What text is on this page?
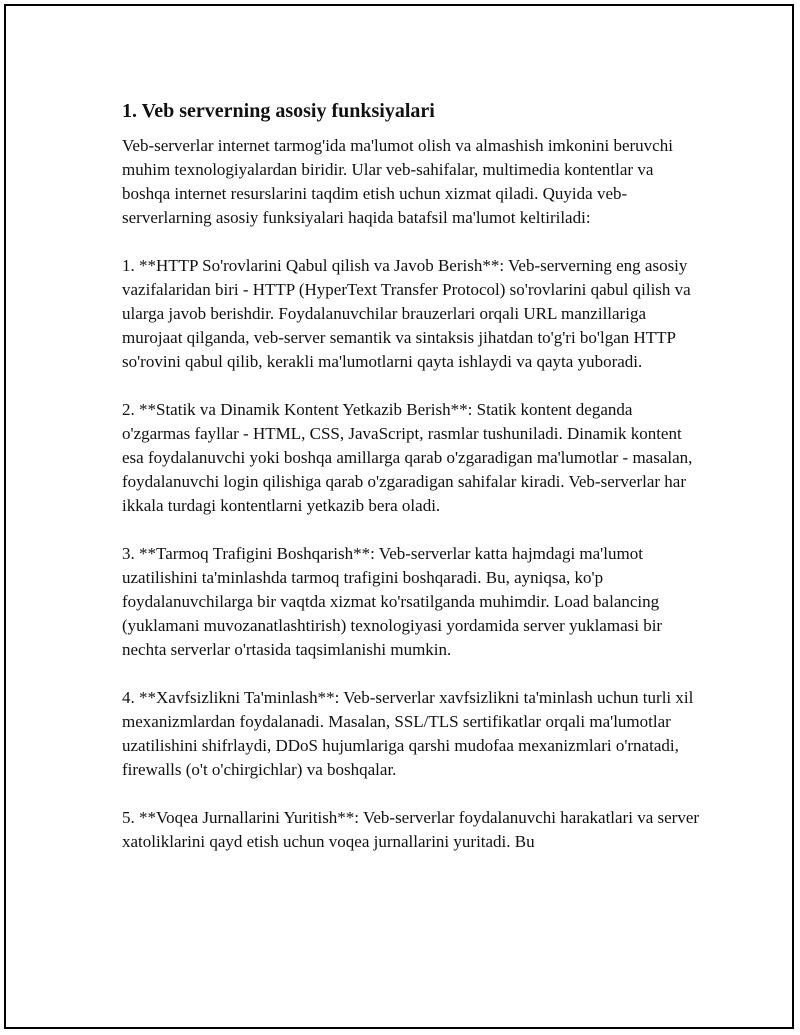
1. Veb serverning asosiy funksiyalari

Veb-serverlar internet tarmog'ida ma'lumot olish va almashish imkonini beruvchi muhim texnologiyalardan biridir. Ular veb-sahifalar, multimedia kontentlar va boshqa internet resurslarini taqdim etish uchun xizmat qiladi. Quyida veb-serverlarning asosiy funksiyalari haqida batafsil ma'lumot keltiriladi:

1. **HTTP So'rovlarini Qabul qilish va Javob Berish**: Veb-serverning eng asosiy vazifalaridan biri - HTTP (HyperText Transfer Protocol) so'rovlarini qabul qilish va ularga javob berishdir. Foydalanuvchilar brauzerlari orqali URL manzillariga murojaat qilganda, veb-server semantik va sintaksis jihatdan to'g'ri bo'lgan HTTP so'rovini qabul qilib, kerakli ma'lumotlarni qayta ishlaydi va qayta yuboradi.

2. **Statik va Dinamik Kontent Yetkazib Berish**: Statik kontent deganda o'zgarmas fayllar - HTML, CSS, JavaScript, rasmlar tushuniladi. Dinamik kontent esa foydalanuvchi yoki boshqa amillarga qarab o'zgaradigan ma'lumotlar - masalan, foydalanuvchi login qilishiga qarab o'zgaradigan sahifalar kiradi. Veb-serverlar har ikkala turdagi kontentlarni yetkazib bera oladi.

3. **Tarmoq Trafigini Boshqarish**: Veb-serverlar katta hajmdagi ma'lumot uzatilishini ta'minlashda tarmoq trafigini boshqaradi. Bu, ayniqsa, ko'p foydalanuvchilarga bir vaqtda xizmat ko'rsatilganda muhimdir. Load balancing (yuklamani muvozanatlashtirish) texnologiyasi yordamida server yuklamasi bir nechta serverlar o'rtasida taqsimlanishi mumkin.

4. **Xavfsizlikni Ta'minlash**: Veb-serverlar xavfsizlikni ta'minlash uchun turli xil mexanizmlardan foydalanadi. Masalan, SSL/TLS sertifikatlar orqali ma'lumotlar uzatilishini shifrlaydi, DDoS hujumlariga qarshi mudofaa mexanizmlari o'rnatadi, firewalls (o't o'chirgichlar) va boshqalar.

5. **Voqea Jurnallarini Yuritish**: Veb-serverlar foydalanuvchi harakatlari va server xatoliklarini qayd etish uchun voqea jurnallarini yuritadi. Bu
